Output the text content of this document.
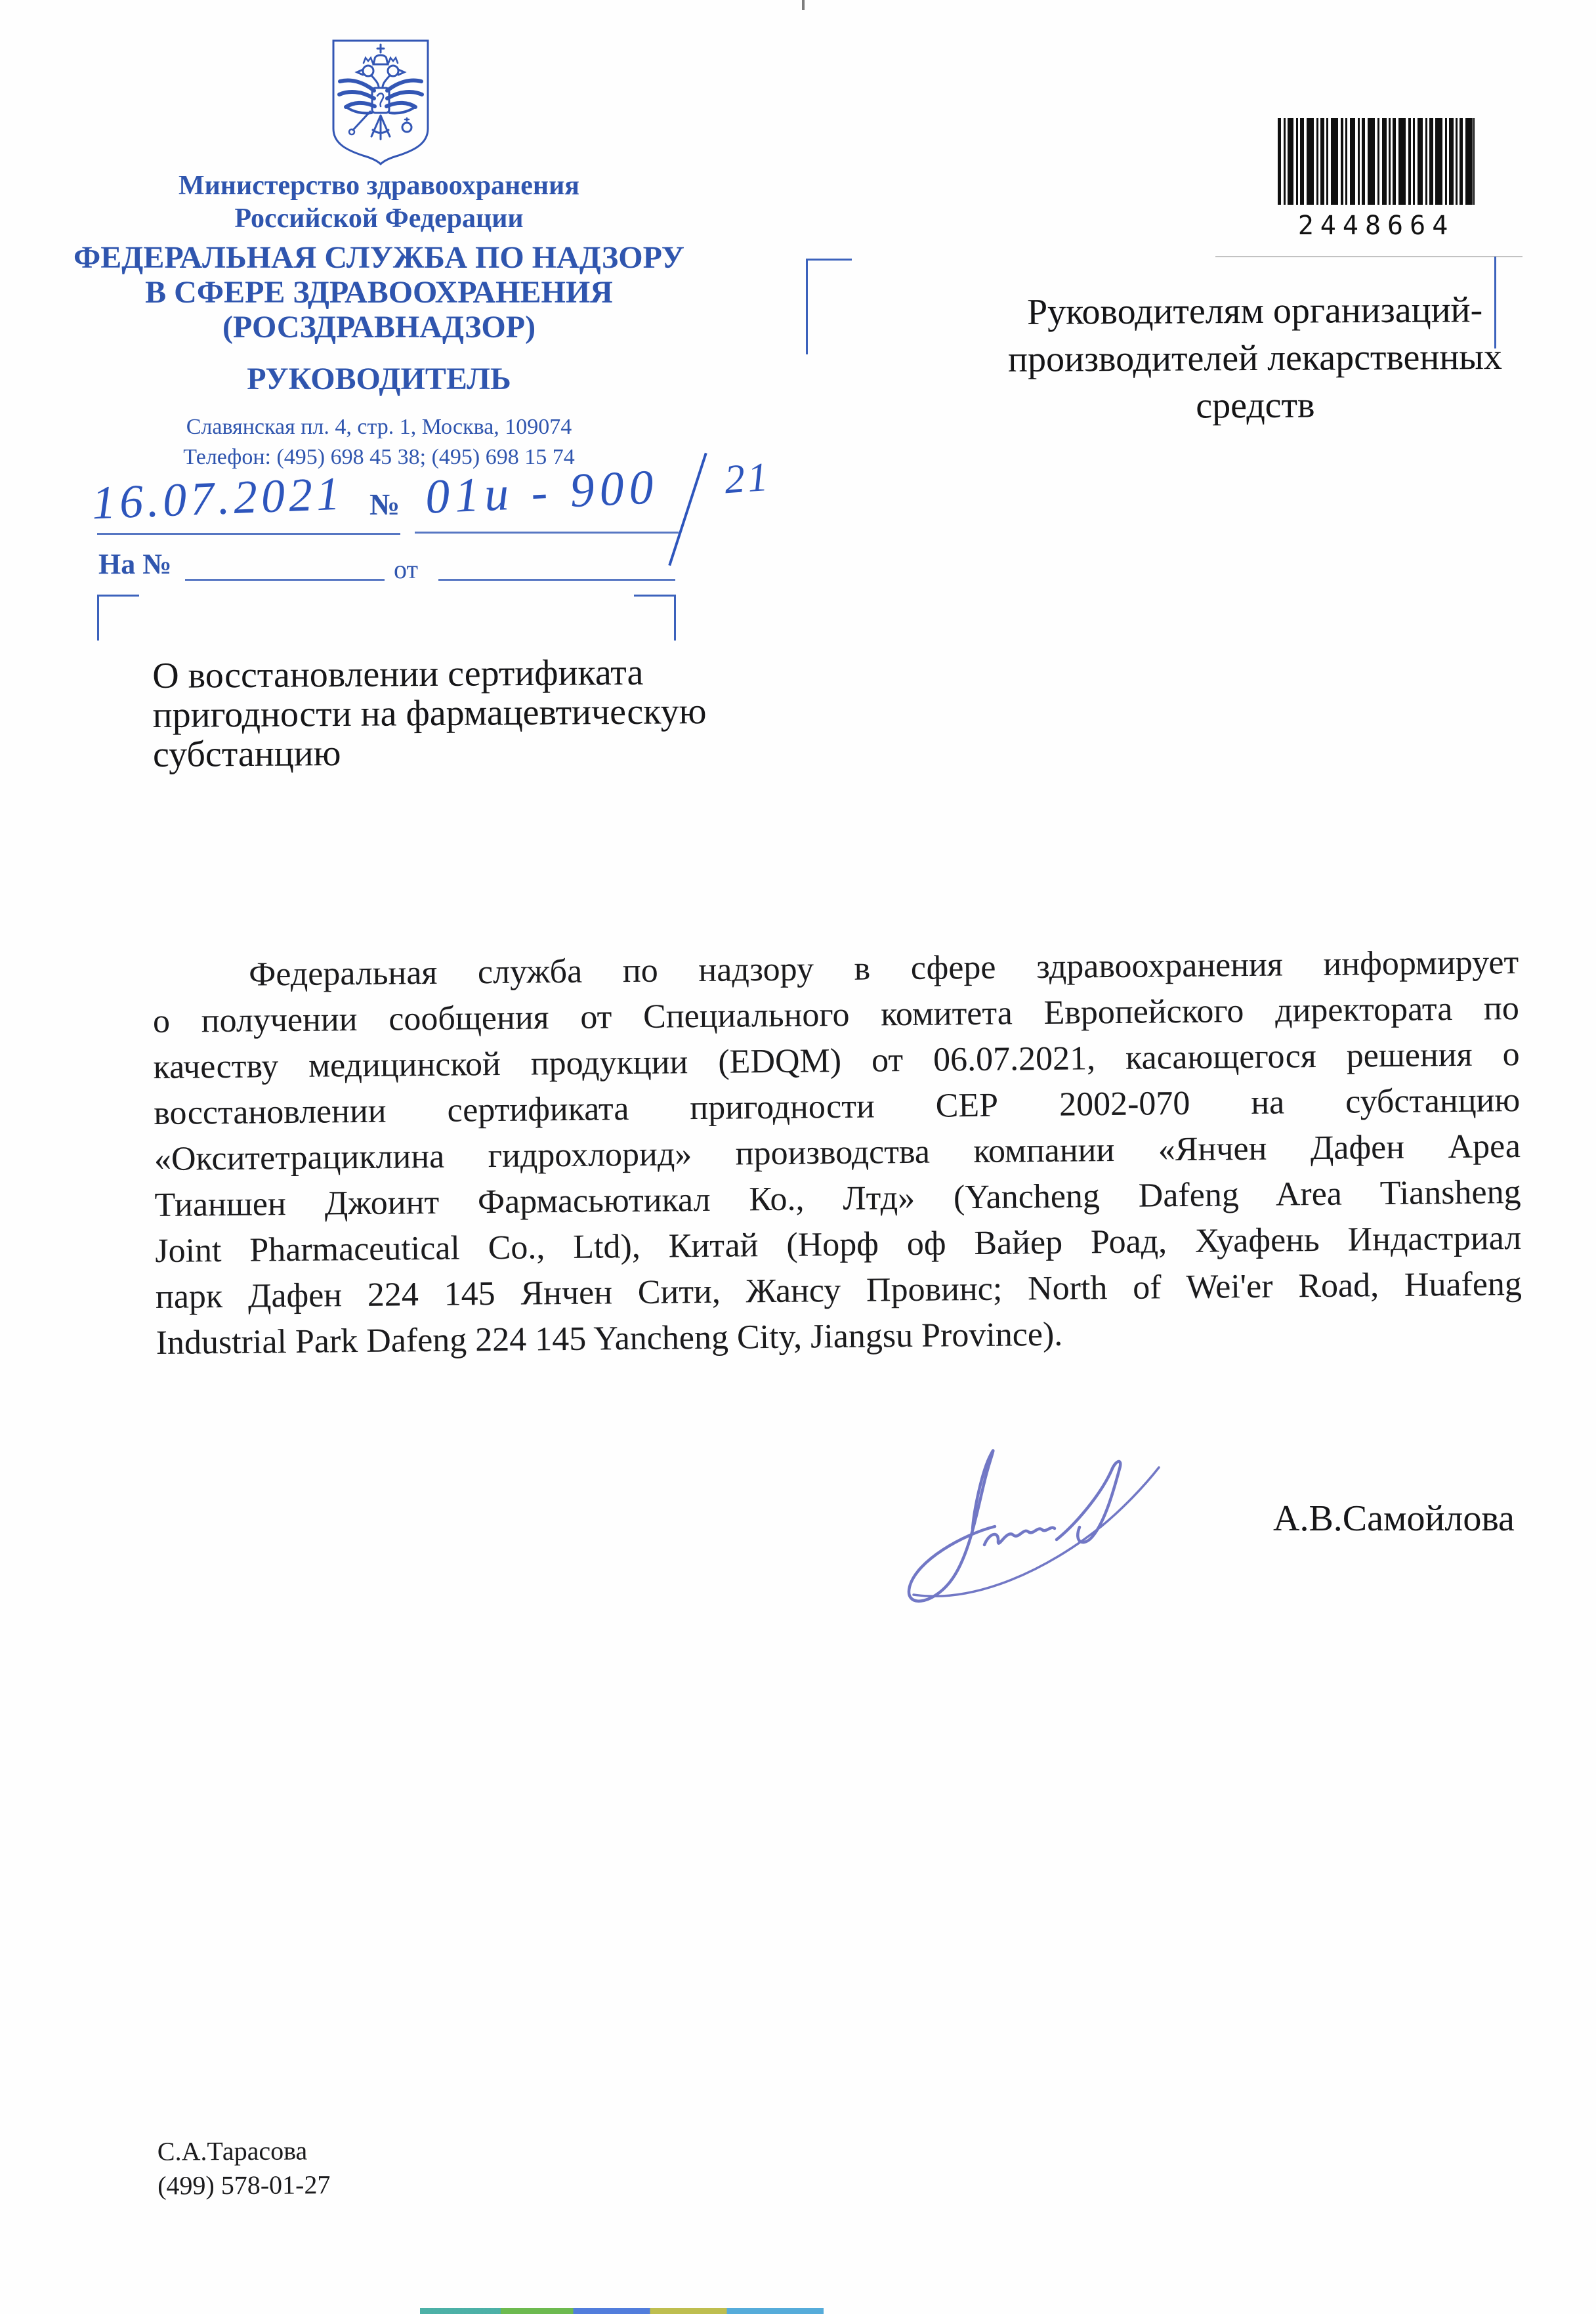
Министерство здравоохранения
Российской Федерации
ФЕДЕРАЛЬНАЯ СЛУЖБА ПО НАДЗОРУ
В СФЕРЕ ЗДРАВООХРАНЕНИЯ
(РОСЗДРАВНАДЗОР)
РУКОВОДИТЕЛЬ
Славянская пл. 4, стр. 1, Москва, 109074
Телефон: (495) 698 45 38; (495) 698 15 74
16.07.2021 № 01и - 900 21
На №	от
2448664
Руководителям организаций-
производителей лекарственных
средств
О восстановлении сертификата
пригодности на фармацевтическую
субстанцию
Федеральная служба по надзору в сфере здравоохранения информирует
о получении сообщения от Специального комитета Европейского директората по
качеству медицинской продукции (EDQM) от 06.07.2021, касающегося решения о
восстановлении сертификата пригодности СЕР 2002-070 на субстанцию
«Окситетрациклина гидрохлорид» производства компании «Янчен Дафен Ареа
Тианшен Джоинт Фармасьютикал Ко., Лтд» (Yancheng Dafeng Area Tiansheng
Joint Pharmaceutical Co., Ltd), Китай (Норф оф Вайер Роад, Хуафень Индастриал
парк Дафен 224 145 Янчен Сити, Жансу Провинс; North of Wei'er Road, Huafeng
Industrial Park Dafeng 224 145 Yancheng City, Jiangsu Province).
А.В.Самойлова
С.А.Тарасова
(499) 578-01-27
